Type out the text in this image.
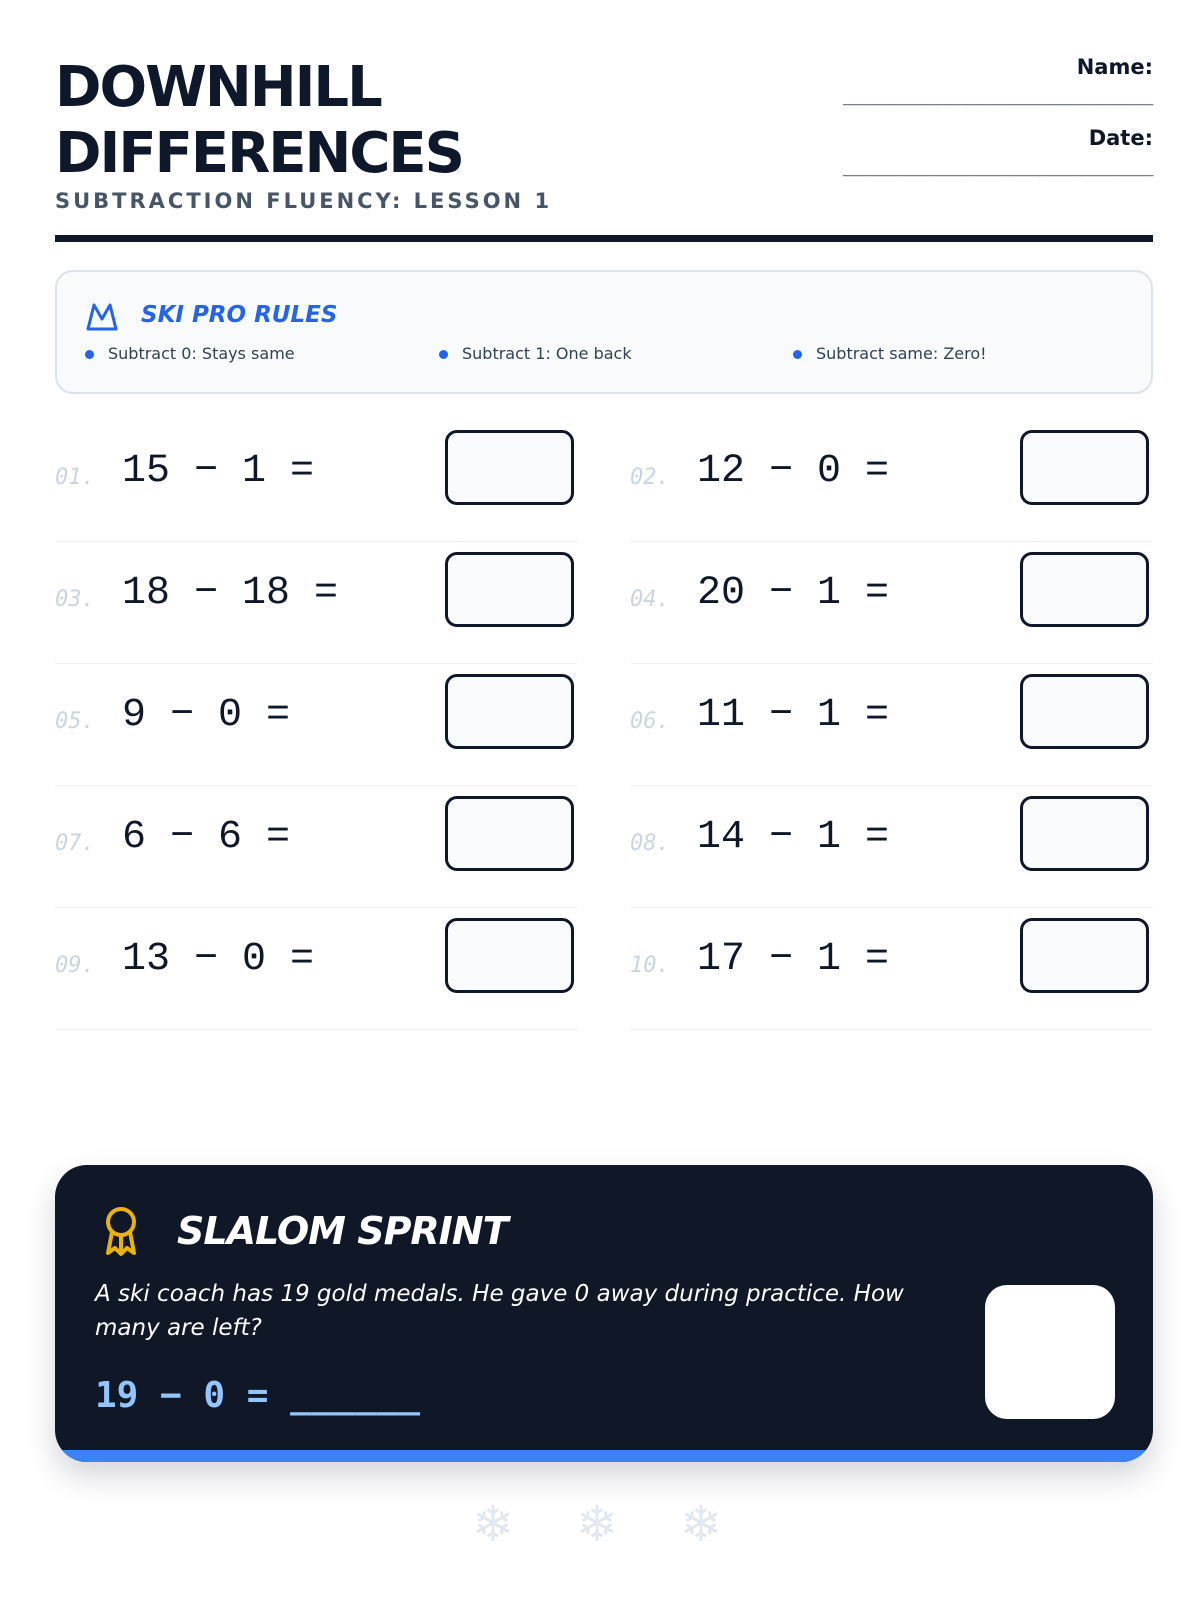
DOWNHILL
DIFFERENCES
SUBTRACTION FLUENCY: LESSON 1
Name:
______________________________
Date:
______________________________
SKI PRO RULES
Subtract 0: Stays same	Subtract 1: One back	Subtract same: Zero!
01. 15 − 1 =	02. 12 − 0 =
03. 18 − 18 =	04. 20 − 1 =
05. 9 − 0 =	06. 11 − 1 =
07. 6 − 6 =	08. 14 − 1 =
09. 13 − 0 =	10. 17 − 1 =
SLALOM SPRINT
A ski coach has 19 gold medals. He gave 0 away during practice. How many are left?
19 − 0 = ______
❄ ❄ ❄
